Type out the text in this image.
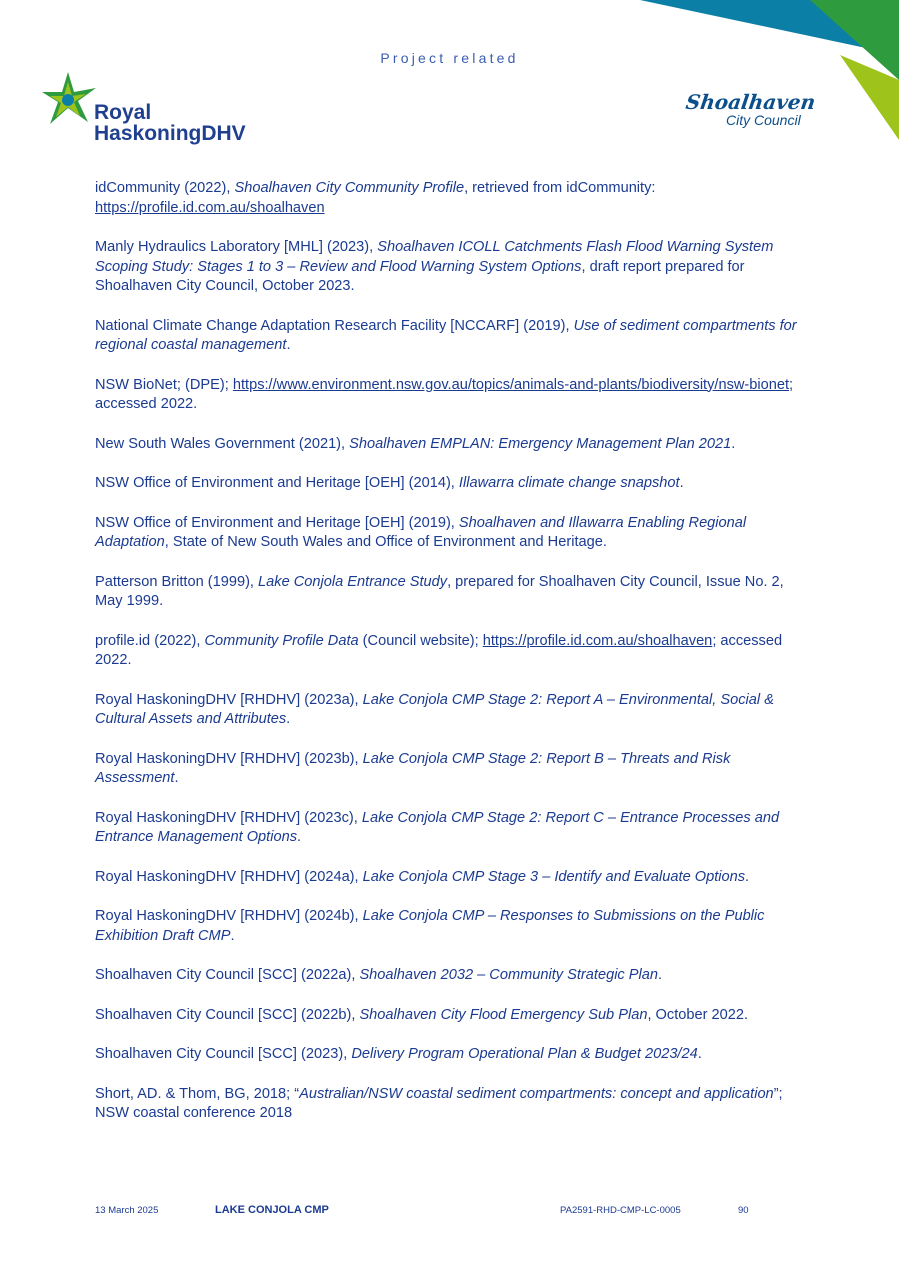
Project related
Royal
HaskoningDHV
Shoalhaven
City Council

idCommunity (2022), Shoalhaven City Community Profile, retrieved from idCommunity: https://profile.id.com.au/shoalhaven

Manly Hydraulics Laboratory [MHL] (2023), Shoalhaven ICOLL Catchments Flash Flood Warning System Scoping Study: Stages 1 to 3 – Review and Flood Warning System Options, draft report prepared for Shoalhaven City Council, October 2023.

National Climate Change Adaptation Research Facility [NCCARF] (2019), Use of sediment compartments for regional coastal management.

NSW BioNet; (DPE); https://www.environment.nsw.gov.au/topics/animals-and-plants/biodiversity/nsw-bionet; accessed 2022.

New South Wales Government (2021), Shoalhaven EMPLAN: Emergency Management Plan 2021.

NSW Office of Environment and Heritage [OEH] (2014), Illawarra climate change snapshot.

NSW Office of Environment and Heritage [OEH] (2019), Shoalhaven and Illawarra Enabling Regional Adaptation, State of New South Wales and Office of Environment and Heritage.

Patterson Britton (1999), Lake Conjola Entrance Study, prepared for Shoalhaven City Council, Issue No. 2, May 1999.

profile.id (2022), Community Profile Data (Council website); https://profile.id.com.au/shoalhaven; accessed 2022.

Royal HaskoningDHV [RHDHV] (2023a), Lake Conjola CMP Stage 2: Report A – Environmental, Social & Cultural Assets and Attributes.

Royal HaskoningDHV [RHDHV] (2023b), Lake Conjola CMP Stage 2: Report B – Threats and Risk Assessment.

Royal HaskoningDHV [RHDHV] (2023c), Lake Conjola CMP Stage 2: Report C – Entrance Processes and Entrance Management Options.

Royal HaskoningDHV [RHDHV] (2024a), Lake Conjola CMP Stage 3 – Identify and Evaluate Options.

Royal HaskoningDHV [RHDHV] (2024b), Lake Conjola CMP – Responses to Submissions on the Public Exhibition Draft CMP.

Shoalhaven City Council [SCC] (2022a), Shoalhaven 2032 – Community Strategic Plan.

Shoalhaven City Council [SCC] (2022b), Shoalhaven City Flood Emergency Sub Plan, October 2022.

Shoalhaven City Council [SCC] (2023), Delivery Program Operational Plan & Budget 2023/24.

Short, AD. & Thom, BG, 2018; “Australian/NSW coastal sediment compartments: concept and application”; NSW coastal conference 2018

13 March 2025	LAKE CONJOLA CMP	PA2591-RHD-CMP-LC-0005	90
